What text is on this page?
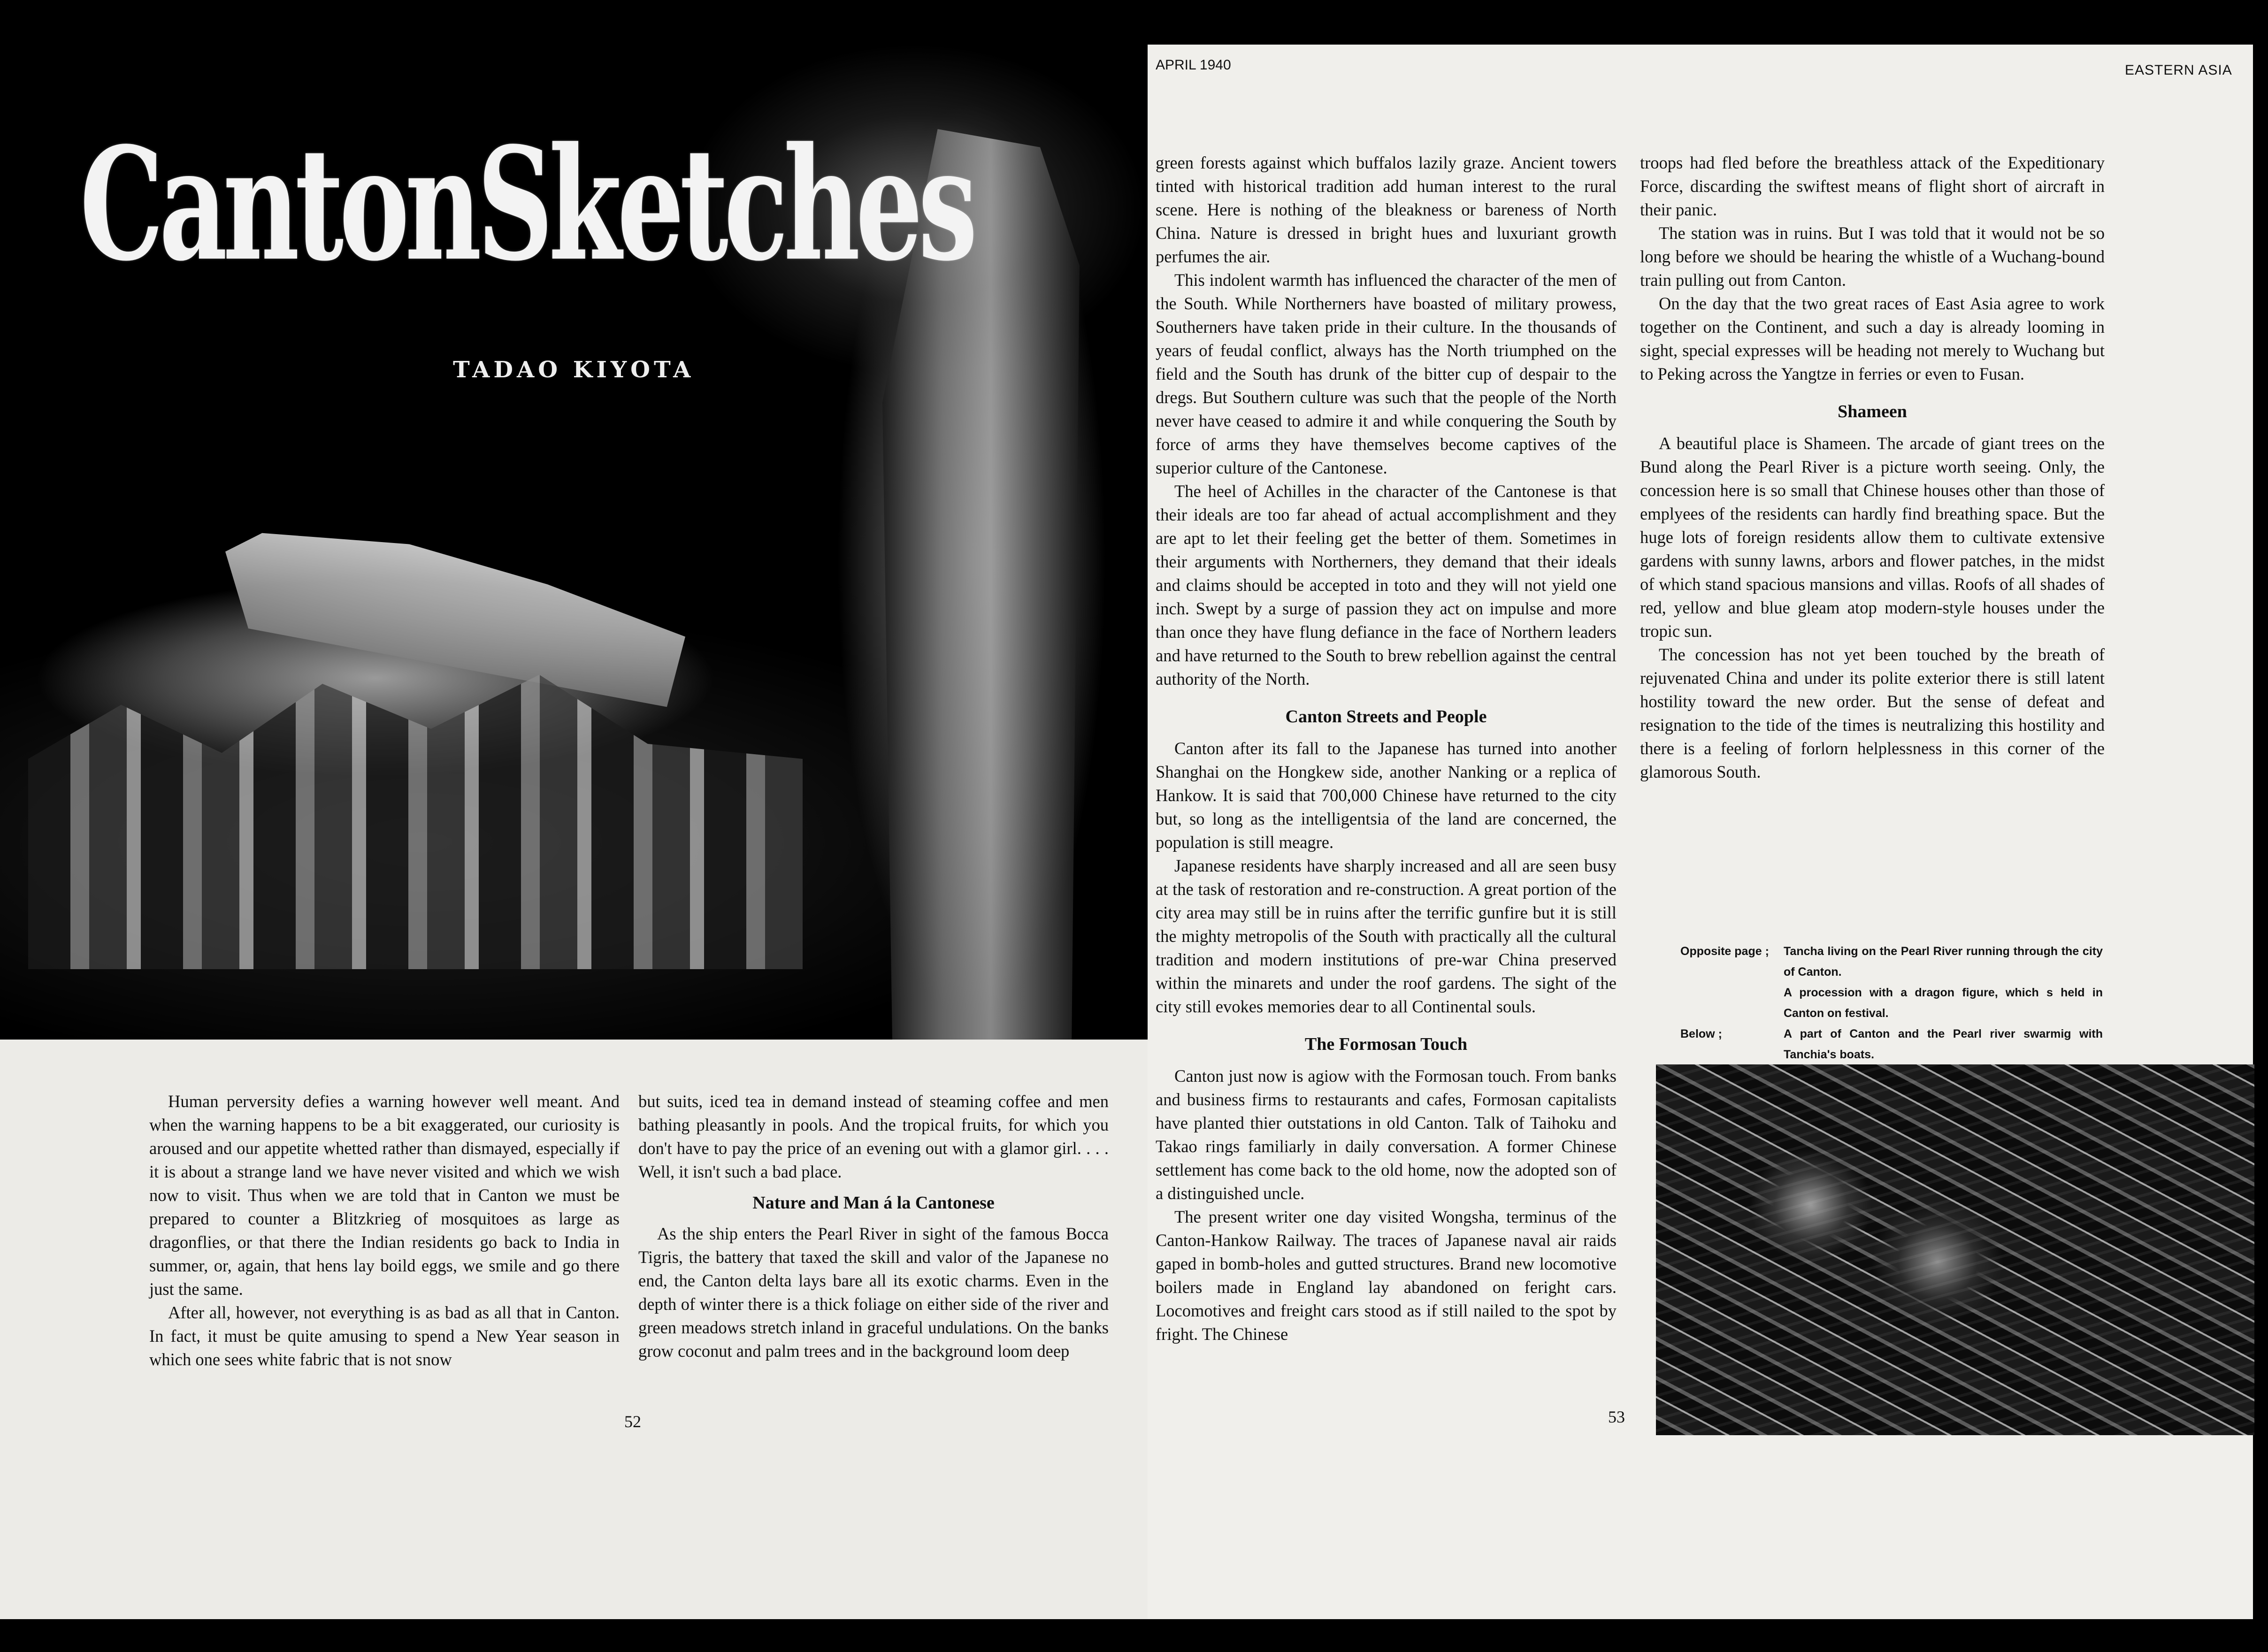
CantonSketches
TADAO KIYOTA

Human perversity defies a warning however well meant. And when the warning happens to be a bit exaggerated, our curiosity is aroused and our appetite whetted rather than dismayed, especially if it is about a strange land we have never visited and which we wish now to visit. Thus when we are told that in Canton we must be prepared to counter a Blitzkrieg of mosquitoes as large as dragonflies, or that there the Indian residents go back to India in summer, or, again, that hens lay boild eggs, we smile and go there just the same.

After all, however, not everything is as bad as all that in Canton. In fact, it must be quite amusing to spend a New Year season in which one sees white fabric that is not snow

but suits, iced tea in demand instead of steaming coffee and men bathing pleasantly in pools. And the tropical fruits, for which you don't have to pay the price of an evening out with a glamor girl. . . . Well, it isn't such a bad place.

Nature and Man á la Cantonese

As the ship enters the Pearl River in sight of the famous Bocca Tigris, the battery that taxed the skill and valor of the Japanese no end, the Canton delta lays bare all its exotic charms. Even in the depth of winter there is a thick foliage on either side of the river and green meadows stretch inland in graceful undulations. On the banks grow coconut and palm trees and in the background loom deep

52
APRIL 1940	EASTERN ASIA

green forests against which buffalos lazily graze. Ancient towers tinted with historical tradition add human interest to the rural scene. Here is nothing of the bleakness or bareness of North China. Nature is dressed in bright hues and luxuriant growth perfumes the air.

This indolent warmth has influenced the character of the men of the South. While Northerners have boasted of military prowess, Southerners have taken pride in their culture. In the thousands of years of feudal conflict, always has the North triumphed on the field and the South has drunk of the bitter cup of despair to the dregs. But Southern culture was such that the people of the North never have ceased to admire it and while conquering the South by force of arms they have themselves become captives of the superior culture of the Cantonese.

The heel of Achilles in the character of the Cantonese is that their ideals are too far ahead of actual accomplishment and they are apt to let their feeling get the better of them. Sometimes in their arguments with Northerners, they demand that their ideals and claims should be accepted in toto and they will not yield one inch. Swept by a surge of passion they act on impulse and more than once they have flung defiance in the face of Northern leaders and have returned to the South to brew rebellion against the central authority of the North.

Canton Streets and People

Canton after its fall to the Japanese has turned into another Shanghai on the Hongkew side, another Nanking or a replica of Hankow. It is said that 700,000 Chinese have returned to the city but, so long as the intelligentsia of the land are concerned, the population is still meagre.

Japanese residents have sharply increased and all are seen busy at the task of restoration and re-construction. A great portion of the city area may still be in ruins after the terrific gunfire but it is still the mighty metropolis of the South with practically all the cultural tradition and modern institutions of pre-war China preserved within the minarets and under the roof gardens. The sight of the city still evokes memories dear to all Continental souls.

The Formosan Touch

Canton just now is agiow with the Formosan touch. From banks and business firms to restaurants and cafes, Formosan capitalists have planted thier outstations in old Canton. Talk of Taihoku and Takao rings familiarly in daily conversation. A former Chinese settlement has come back to the old home, now the adopted son of a distinguished uncle.

The present writer one day visited Wongsha, terminus of the Canton-Hankow Railway. The traces of Japanese naval air raids gaped in bomb-holes and gutted structures. Brand new locomotive boilers made in England lay abandoned on feright cars. Locomotives and freight cars stood as if still nailed to the spot by fright. The Chinese

troops had fled before the breathless attack of the Expeditionary Force, discarding the swiftest means of flight short of aircraft in their panic.

The station was in ruins. But I was told that it would not be so long before we should be hearing the whistle of a Wuchang-bound train pulling out from Canton.

On the day that the two great races of East Asia agree to work together on the Continent, and such a day is already looming in sight, special expresses will be heading not merely to Wuchang but to Peking across the Yangtze in ferries or even to Fusan.

Shameen

A beautiful place is Shameen. The arcade of giant trees on the Bund along the Pearl River is a picture worth seeing. Only, the concession here is so small that Chinese houses other than those of emplyees of the residents can hardly find breathing space. But the huge lots of foreign residents allow them to cultivate extensive gardens with sunny lawns, arbors and flower patches, in the midst of which stand spacious mansions and villas. Roofs of all shades of red, yellow and blue gleam atop modern-style houses under the tropic sun.

The concession has not yet been touched by the breath of rejuvenated China and under its polite exterior there is still latent hostility toward the new order. But the sense of defeat and resignation to the tide of the times is neutralizing this hostility and there is a feeling of forlorn helplessness in this corner of the glamorous South.

Opposite page ;	Tancha living on the Pearl River running through the city of Canton.
A procession with a dragon figure, which s held in Canton on festival.
Below ;	A part of Canton and the Pearl river swarmig with Tanchia's boats.
53
